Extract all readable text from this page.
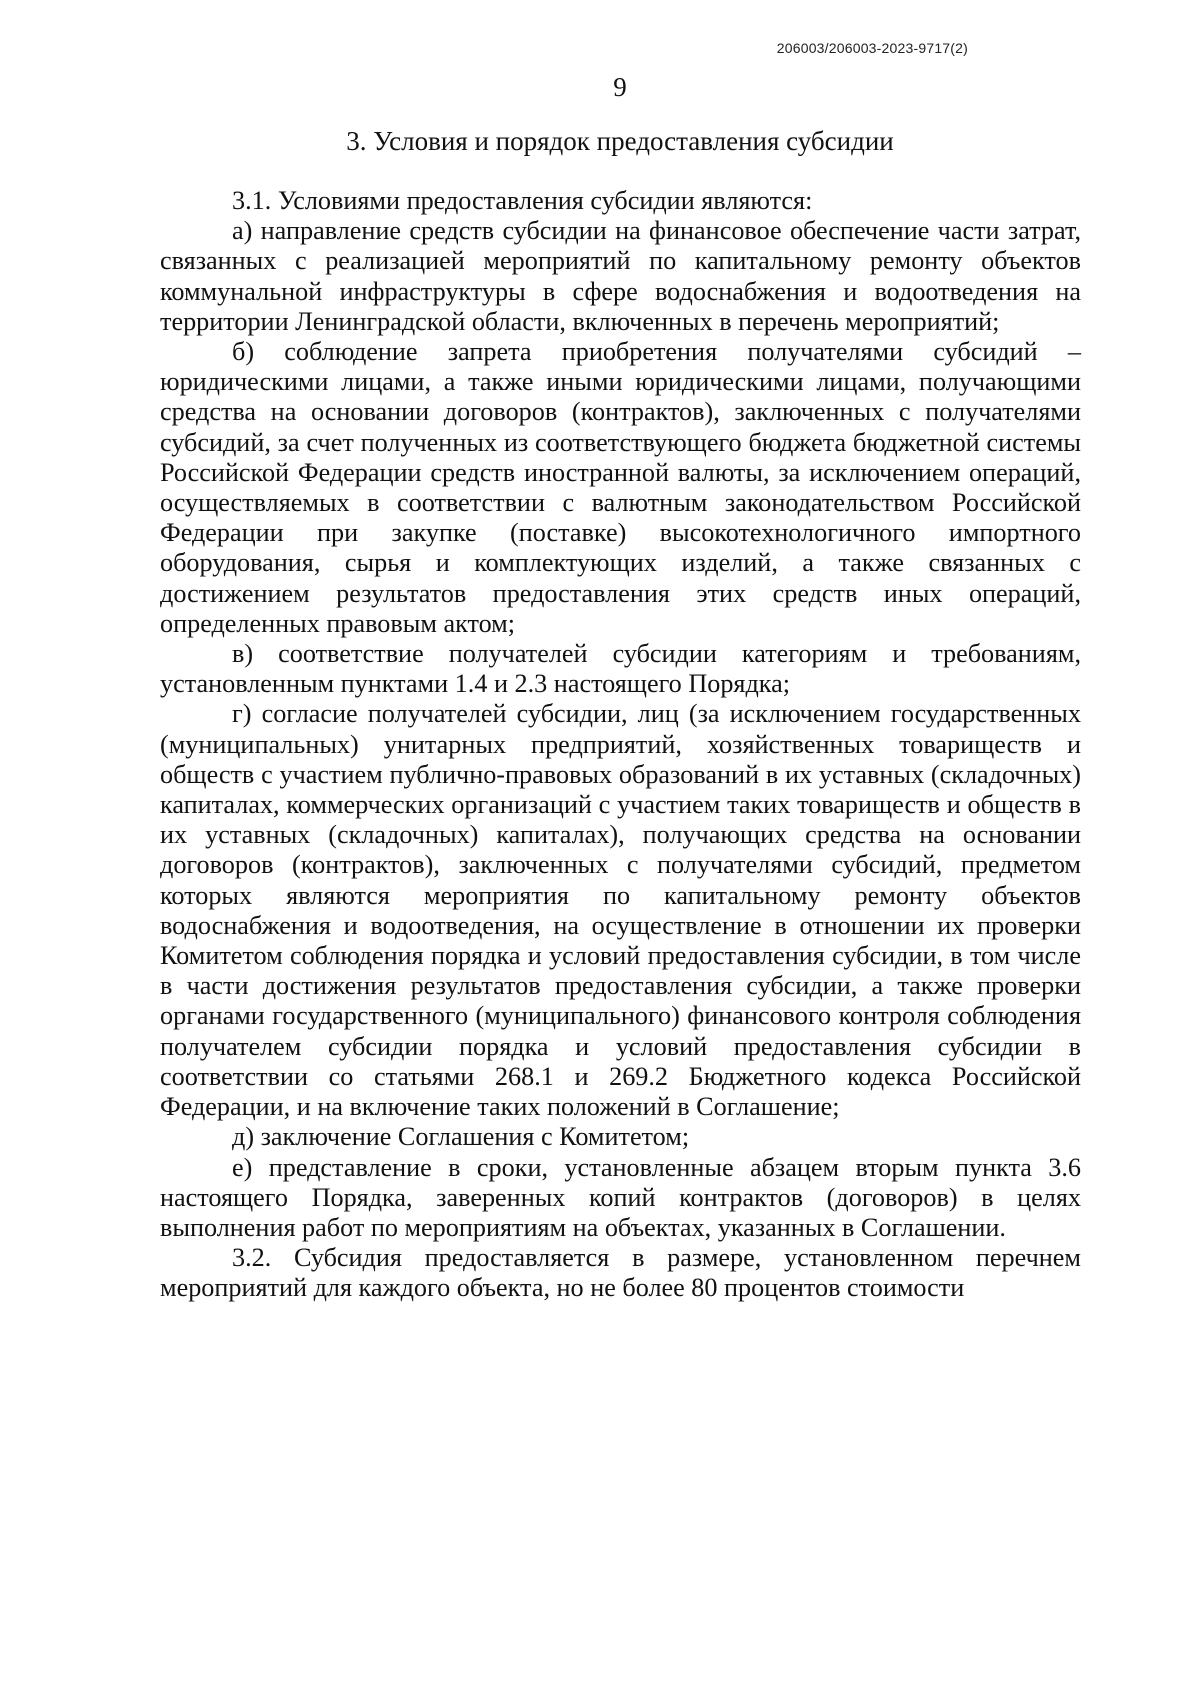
206003/206003-2023-9717(2)
9
3. Условия и порядок предоставления субсидии

3.1. Условиями предоставления субсидии являются:

а) направление средств субсидии на финансовое обеспечение части затрат, связанных с реализацией мероприятий по капитальному ремонту объектов коммунальной инфраструктуры в сфере водоснабжения и водоотведения на территории Ленинградской области, включенных в перечень мероприятий;

б) соблюдение запрета приобретения получателями субсидий – юридическими лицами, а также иными юридическими лицами, получающими средства на основании договоров (контрактов), заключенных с получателями субсидий, за счет полученных из соответствующего бюджета бюджетной системы Российской Федерации средств иностранной валюты, за исключением операций, осуществляемых в соответствии с валютным законодательством Российской Федерации при закупке (поставке) высокотехнологичного импортного оборудования, сырья и комплектующих изделий, а также связанных с достижением результатов предоставления этих средств иных операций, определенных правовым актом;

в) соответствие получателей субсидии категориям и требованиям, установленным пунктами 1.4 и 2.3 настоящего Порядка;

г) согласие получателей субсидии, лиц (за исключением государственных (муниципальных) унитарных предприятий, хозяйственных товариществ и обществ с участием публично-правовых образований в их уставных (складочных) капиталах, коммерческих организаций с участием таких товариществ и обществ в их уставных (складочных) капиталах), получающих средства на основании договоров (контрактов), заключенных с получателями субсидий, предметом которых являются мероприятия по капитальному ремонту объектов водоснабжения и водоотведения, на осуществление в отношении их проверки Комитетом соблюдения порядка и условий предоставления субсидии, в том числе в части достижения результатов предоставления субсидии, а также проверки органами государственного (муниципального) финансового контроля соблюдения получателем субсидии порядка и условий предоставления субсидии в соответствии со статьями 268.1 и 269.2 Бюджетного кодекса Российской Федерации, и на включение таких положений в Соглашение;

д) заключение Соглашения с Комитетом;

е) представление в сроки, установленные абзацем вторым пункта 3.6 настоящего Порядка, заверенных копий контрактов (договоров) в целях выполнения работ по мероприятиям на объектах, указанных в Соглашении.

3.2. Субсидия предоставляется в размере, установленном перечнем мероприятий для каждого объекта, но не более 80 процентов стоимости
